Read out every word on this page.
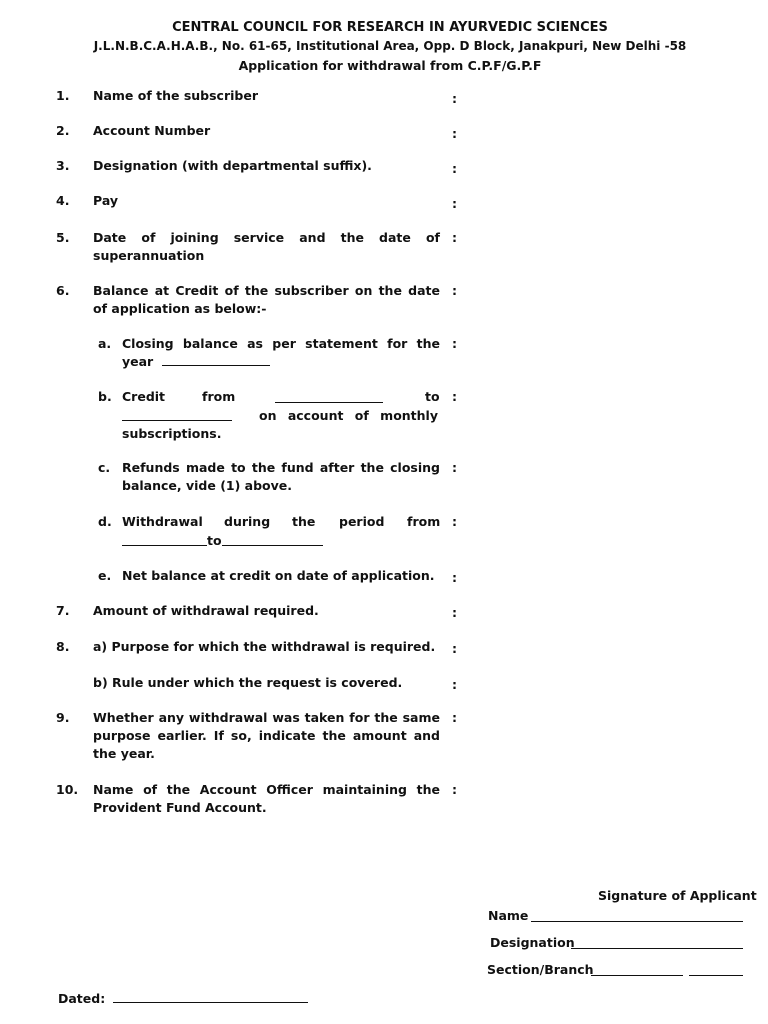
CENTRAL COUNCIL FOR RESEARCH IN AYURVEDIC SCIENCES
J.L.N.B.C.A.H.A.B., No. 61-65, Institutional Area, Opp. D Block, Janakpuri, New Delhi -58
Application for withdrawal from C.P.F/G.P.F
1. Name of the subscriber	:
2. Account Number	:
3. Designation (with departmental suffix).	:
4. Pay	:
5. Date of joining service and the date of superannuation
:
6. Balance at Credit of the subscriber on the date of application as below:-
:
a. Closing balance as per statement for the
year
:
b. Credit	from	to
on account of monthly
subscriptions.
:
c. Refunds made to the fund after the closing balance, vide (1) above.
:
d. Withdrawal during the period from
to
:
e. Net balance at credit on date of application.	:
7. Amount of withdrawal required.	:
8. a) Purpose for which the withdrawal is required.	:
b) Rule under which the request is covered.	:
9. Whether any withdrawal was taken for the same purpose earlier. If so, indicate the amount and the year.
:
10. Name of the Account Officer maintaining the Provident Fund Account.
:
Signature of Applicant
Name
Designation
Section/Branch
Dated:
